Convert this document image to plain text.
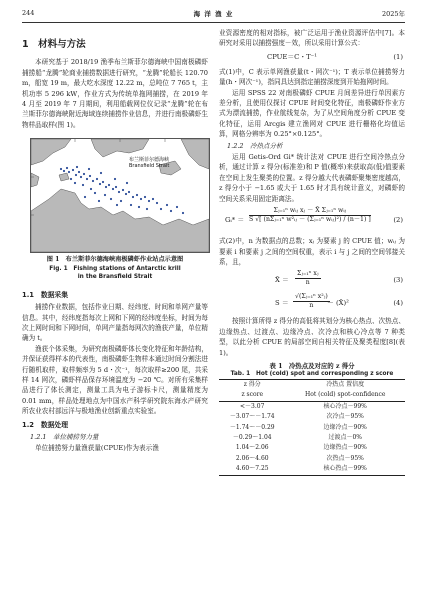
244	海 洋 渔 业	2025年
1　材料与方法

本研究基于 2018/19 渔季布兰斯菲尔德海峡中国南极磷虾捕捞船“龙腾”轮商业捕捞数据进行研究，“龙腾”轮船长 120.70 m，船宽 19 m，最大吃水深度 12.22 m，总吨位 7 765 t，主机功率 5 296 kW，作业方式为传统单拖网捕捞，在 2019 年 4 月至 2019 年 7 月期间，利用船载网位仪记录“龙腾”轮在布兰斯菲尔德海峡附近海域连续捕捞作业信息，并进行南极磷虾生物样品取样(图 1)。

布兰斯菲尔德海峡
Bransfield Strait
图 1　布兰斯菲尔德海峡南极磷虾作业站点示意图
Fig. 1　Fishing stations of Antarctic krill
in the Bransfield Strait
1.1　数据采集

捕捞作业数据，包括作业日期、经纬度、时间和单网产量等信息。其中，经纬度指每次上网和下网的经纬度坐标，时间为每次上网时间和下网时间，单网产量指每网次的渔获产量，单位精确为 t。

渔获个体采集，为研究南极磷虾体长变化特征和年龄结构，并保证获得样本的代表性，南极磷虾生物样本通过时间分割法进行随机取样，取样频率为 5 d・次⁻¹，每次取样≥200 尾，共采样 14 网次，磷虾样品保存环境温度为 −20 ℃。对所有采集样品进行了体长测定，测量工具为电子游标卡尺，测量精度为 0.01 mm，样品处理地点为中国水产科学研究院东海水产研究所农业农村部远洋与极地渔业创新重点实验室。

1.2　数据处理
1.2.1　单位捕捞努力量

单位捕捞努力量渔获量(CPUE)作为表示渔

业资源密度的相对指标，被广泛运用于渔业资源评估中[7]。本研究对采用以捕捞强度－效，所以采用计算公式：

CPUE＝C・T⁻¹	(1)

式(1)中，C 表示单网渔获量(t・网次⁻¹)；T 表示单位捕捞努力量(h・网次⁻¹)，指同具达到指定捕捞深度到开始拖网时间。

运用 SPSS 22 对南极磷虾 CPUE 月间差异进行单因素方差分析，且使用仅探讨 CPUE 时间变化特征，南极磷虾作业方式为漂流捕捞，作业航线复杂，为了从空间角度分析 CPUE 变化特征，运用 Arcgis 建立渔网对 CPUE 进行栅格化均值运算，网格分辨率为 0.25°×0.125°。

1.2.2　冷热点分析

运用 Getis-Ord Gi* 统计法对 CPUE 进行空间冷热点分析，通过计算 z 得分(标准差)和 P 值(概率)来获取高(低)值要素在空间上发生聚类的位置。z 得分越大代表磷虾聚集密度越高，z 得分小于 −1.65 或大于 1.65 时才具有统计意义，对磷虾的空间关系采用固定距离法。

Gᵢ* ＝
Σⱼ₌₁ⁿ wᵢⱼ xⱼ － X̄ Σⱼ₌₁ⁿ wᵢⱼ
S √[ (nΣⱼ₌₁ⁿ w²ᵢⱼ － (Σⱼ₌₁ⁿ wᵢⱼ)²) / (n－1) ]	(2)

式(2)中，n 为数据点的总数；xⱼ 为要素 j 的 CPUE 值；wᵢⱼ 为要素 i 和要素 j 之间的空间权重，表示 i 与 j 之间的空间邻接关系，且，

X̄ ＝ $\frac{\text{Σⱼ₌₁ⁿ xⱼ}}{n}$	(3)
$S = \frac{\text{√(Σⱼ₌₁ⁿ x²ⱼ)}}{n}$
－ (X̄)²	(4)

按照计算所得 z 得分的高低将其划分为核心热点、次热点、边缘热点、过渡点、边缘冷点、次冷点和核心冷点等 7 种类型，以此分析 CPUE 的局部空间自相关特征及聚类程度[8](表 1)。

表 1　冷热点及对应的 z 得分
Tab. 1　Hot (cold) spot and corresponding z score
z 得分	冷热点 置信度
z score	Hot (cold) spot-confidence
<－3.07	核心冷点－99%
－3.07～－1.74	次冷点－95%
－1.74～－0.29	边缘冷点－90%
－0.29～1.04	过渡点－0%
1.04～2.06	边缘热点－90%
2.06～4.60	次热点－95%
4.60～7.25	核心热点－99%
